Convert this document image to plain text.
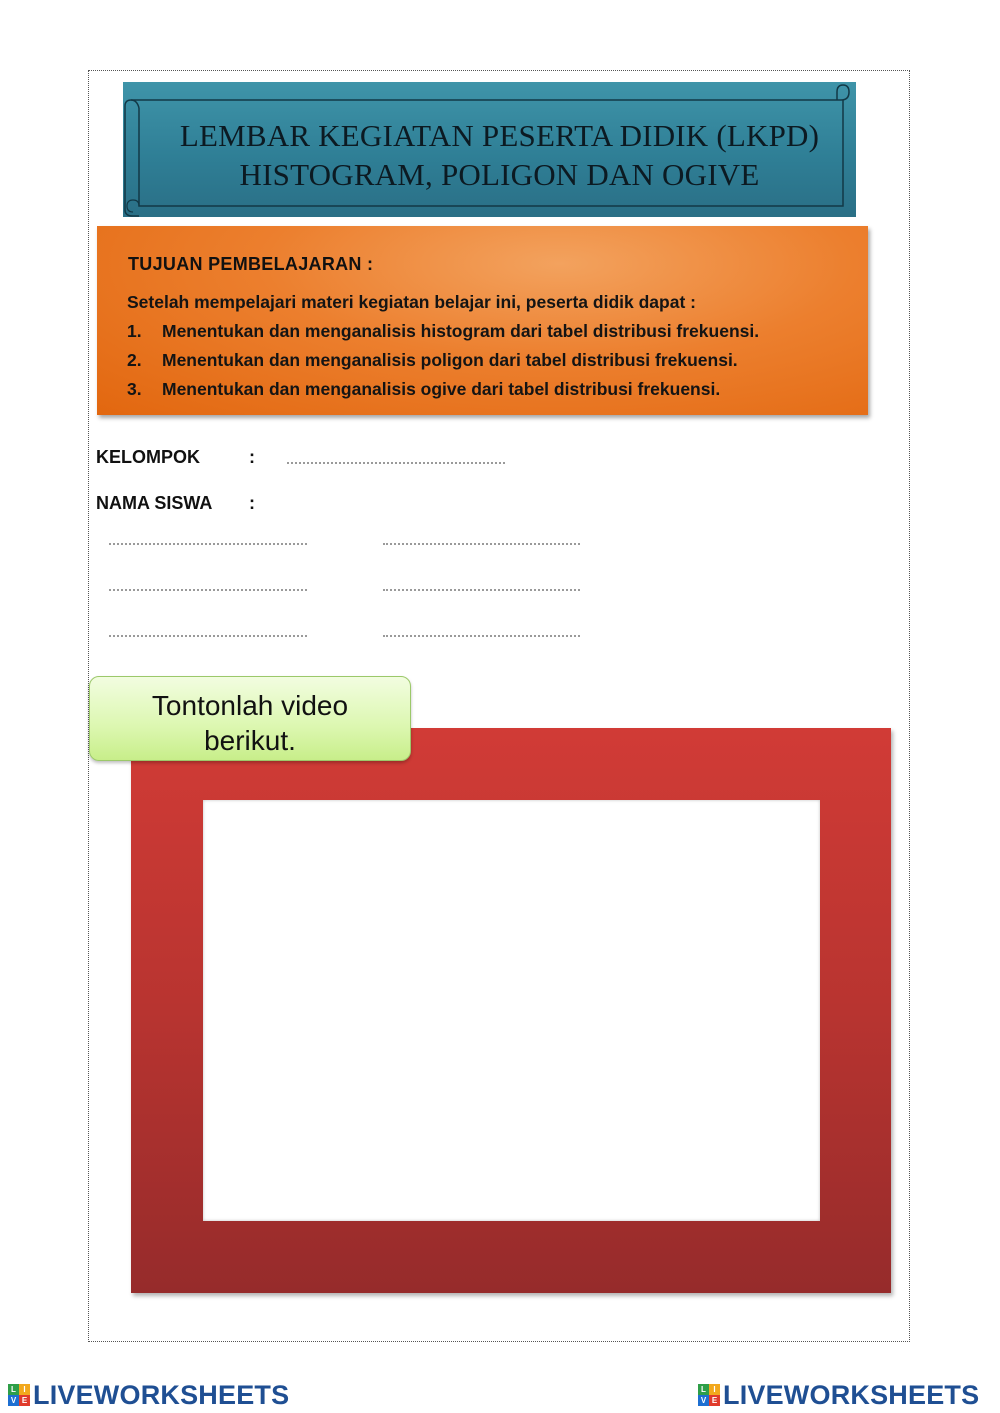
LEMBAR KEGIATAN PESERTA DIDIK (LKPD)
HISTOGRAM, POLIGON DAN OGIVE
TUJUAN PEMBELAJARAN :
Setelah mempelajari materi kegiatan belajar ini, peserta didik dapat :
1. Menentukan dan menganalisis histogram dari tabel distribusi frekuensi.
2. Menentukan dan menganalisis poligon dari tabel distribusi frekuensi.
3. Menentukan dan menganalisis ogive dari tabel distribusi frekuensi.
KELOMPOK	:
NAMA SISWA :
Tontonlah video
berikut.
L I
V E LIVEWORKSHEETS	L I
V E LIVEWORKSHEETS
